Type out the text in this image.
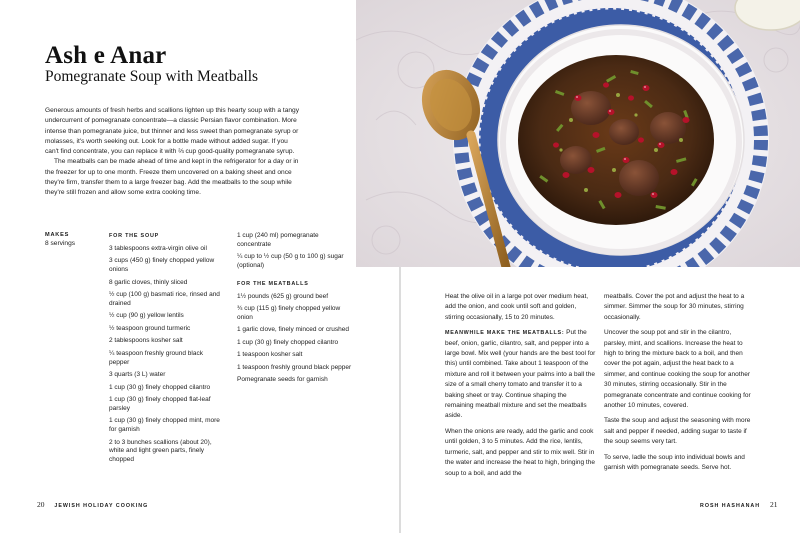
Ash e Anar
Pomegranate Soup with Meatballs

Generous amounts of fresh herbs and scallions lighten up this hearty soup with a tangy undercurrent of pomegranate concentrate—a classic Persian flavor combination. More intense than pomegranate juice, but thinner and less sweet than pomegranate syrup or molasses, it's worth seeking out. Look for a bottle made without added sugar. If you can't find concentrate, you can replace it with ⅔ cup good-quality pomegranate syrup.

The meatballs can be made ahead of time and kept in the refrigerator for a day or in the freezer for up to one month. Freeze them uncovered on a baking sheet and once they're firm, transfer them to a large freezer bag. Add the meatballs to the soup while they're still frozen and allow some extra cooking time.

MAKES
8 servings
FOR THE SOUP
3 tablespoons extra-virgin olive oil
3 cups (450 g) finely chopped yellow onions
8 garlic cloves, thinly sliced
½ cup (100 g) basmati rice, rinsed and drained
½ cup (90 g) yellow lentils
½ teaspoon ground turmeric
2 tablespoons kosher salt
¼ teaspoon freshly ground black pepper
3 quarts (3 L) water
1 cup (30 g) finely chopped cilantro
1 cup (30 g) finely chopped flat-leaf parsley
1 cup (30 g) finely chopped mint, more for garnish
2 to 3 bunches scallions (about 20), white and light green parts, finely chopped
1 cup (240 ml) pomegranate concentrate
¼ cup to ½ cup (50 g to 100 g) sugar (optional)
FOR THE MEATBALLS
1½ pounds (625 g) ground beef
¾ cup (115 g) finely chopped yellow onion
1 garlic clove, finely minced or crushed
1 cup (30 g) finely chopped cilantro
1 teaspoon kosher salt
1 teaspoon freshly ground black pepper
Pomegranate seeds for garnish
20 JEWISH HOLIDAY COOKING

Heat the olive oil in a large pot over medium heat, add the onion, and cook until soft and golden, stirring occasionally, 15 to 20 minutes.

MEANWHILE MAKE THE MEATBALLS: Put the beef, onion, garlic, cilantro, salt, and pepper into a large bowl. Mix well (your hands are the best tool for this) until combined. Take about 1 teaspoon of the mixture and roll it between your palms into a ball the size of a small cherry tomato and transfer it to a baking sheet or tray. Continue shaping the remaining meatball mixture and set the meatballs aside.

When the onions are ready, add the garlic and cook until golden, 3 to 5 minutes. Add the rice, lentils, turmeric, salt, and pepper and stir to mix well. Stir in the water and increase the heat to high, bringing the soup to a boil, and add the

meatballs. Cover the pot and adjust the heat to a simmer. Simmer the soup for 30 minutes, stirring occasionally.

Uncover the soup pot and stir in the cilantro, parsley, mint, and scallions. Increase the heat to high to bring the mixture back to a boil, and then cover the pot again, adjust the heat back to a simmer, and continue cooking the soup for another 30 minutes, stirring occasionally. Stir in the pomegranate concentrate and continue cooking for another 10 minutes, covered.

Taste the soup and adjust the seasoning with more salt and pepper if needed, adding sugar to taste if the soup seems very tart.

To serve, ladle the soup into individual bowls and garnish with pomegranate seeds. Serve hot.

ROSH HASHANAH 21
